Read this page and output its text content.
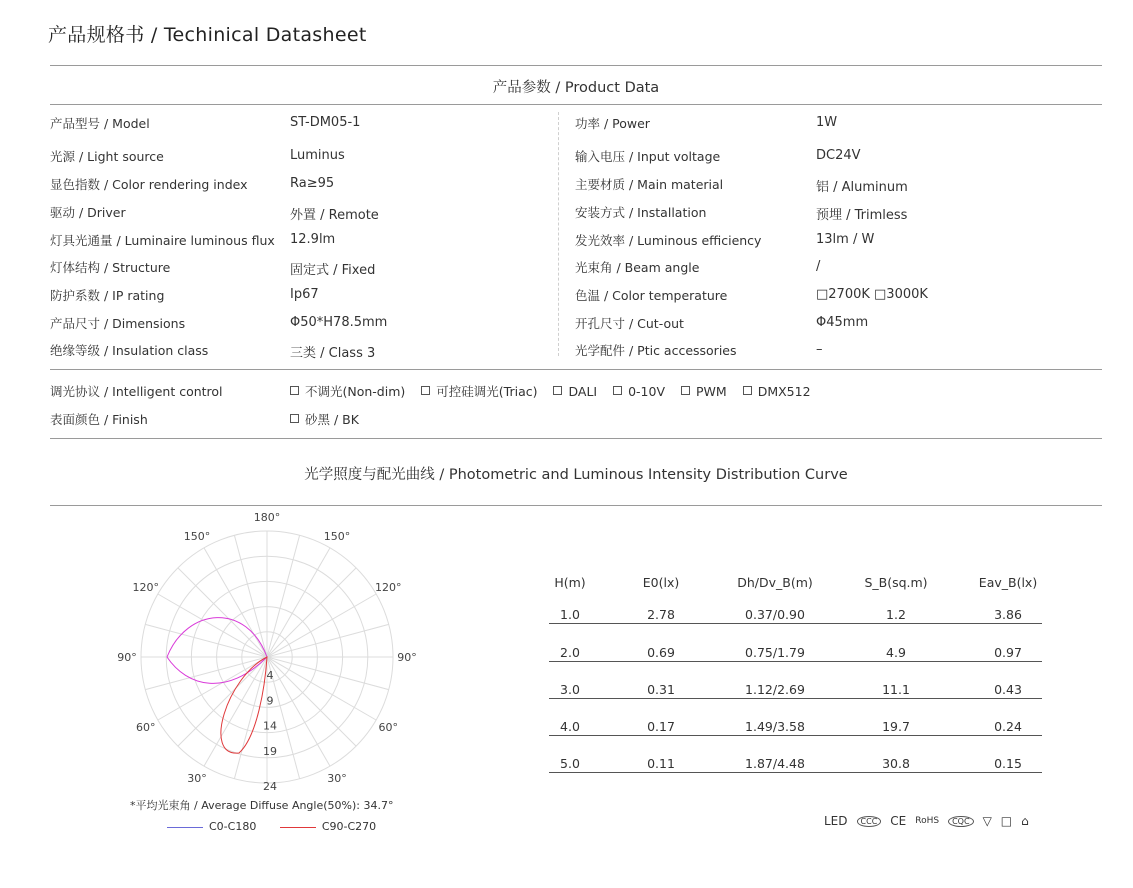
产品规格书 / Techinical Datasheet
产品参数 / Product Data
产品型号 / Model	ST-DM05-1
光源 / Light source	Luminus
显色指数 / Color rendering index	Ra≥95
驱动 / Driver	外置 / Remote
灯具光通量 / Luminaire luminous flux 12.9lm
灯体结构 / Structure	固定式 / Fixed
防护系数 / IP rating	Ip67
产品尺寸 / Dimensions	Φ50*H78.5mm
绝缘等级 / Insulation class	三类 / Class 3
功率 / Power	1W
输入电压 / Input voltage	DC24V
主要材质 / Main material	铝 / Aluminum
安装方式 / Installation	预埋 / Trimless
发光效率 / Luminous efficiency	13lm / W
光束角 / Beam angle	/
色温 / Color temperature	□2700K □3000K
开孔尺寸 / Cut-out	Φ45mm
光学配件 / Ptic accessories	–
调光协议 / Intelligent control	不调光(Non-dim)	可控硅调光(Triac)	DALI	0-10V	PWM	DMX512
表面颜色 / Finish	砂黑 / BK
光学照度与配光曲线 / Photometric and Luminous Intensity Distribution Curve
180°
150°	150°
120°	120°
90°	90°
60°	60°
30°	30°
4
9
14
19
24
*平均光束角 / Average Diffuse Angle(50%): 34.7°
C0-C180	C90-C270
H(m)	E0(lx)	Dh/Dv_B(m)	S_B(sq.m)	Eav_B(lx)
1.0	2.78	0.37/0.90	1.2	3.86
2.0	0.69	0.75/1.79	4.9	0.97
3.0	0.31	1.12/2.69	11.1	0.43
4.0	0.17	1.49/3.58	19.7	0.24
5.0	0.11	1.87/4.48	30.8	0.15
LED	CCC	CE RoHS	CQC	▽ □ ⌂
